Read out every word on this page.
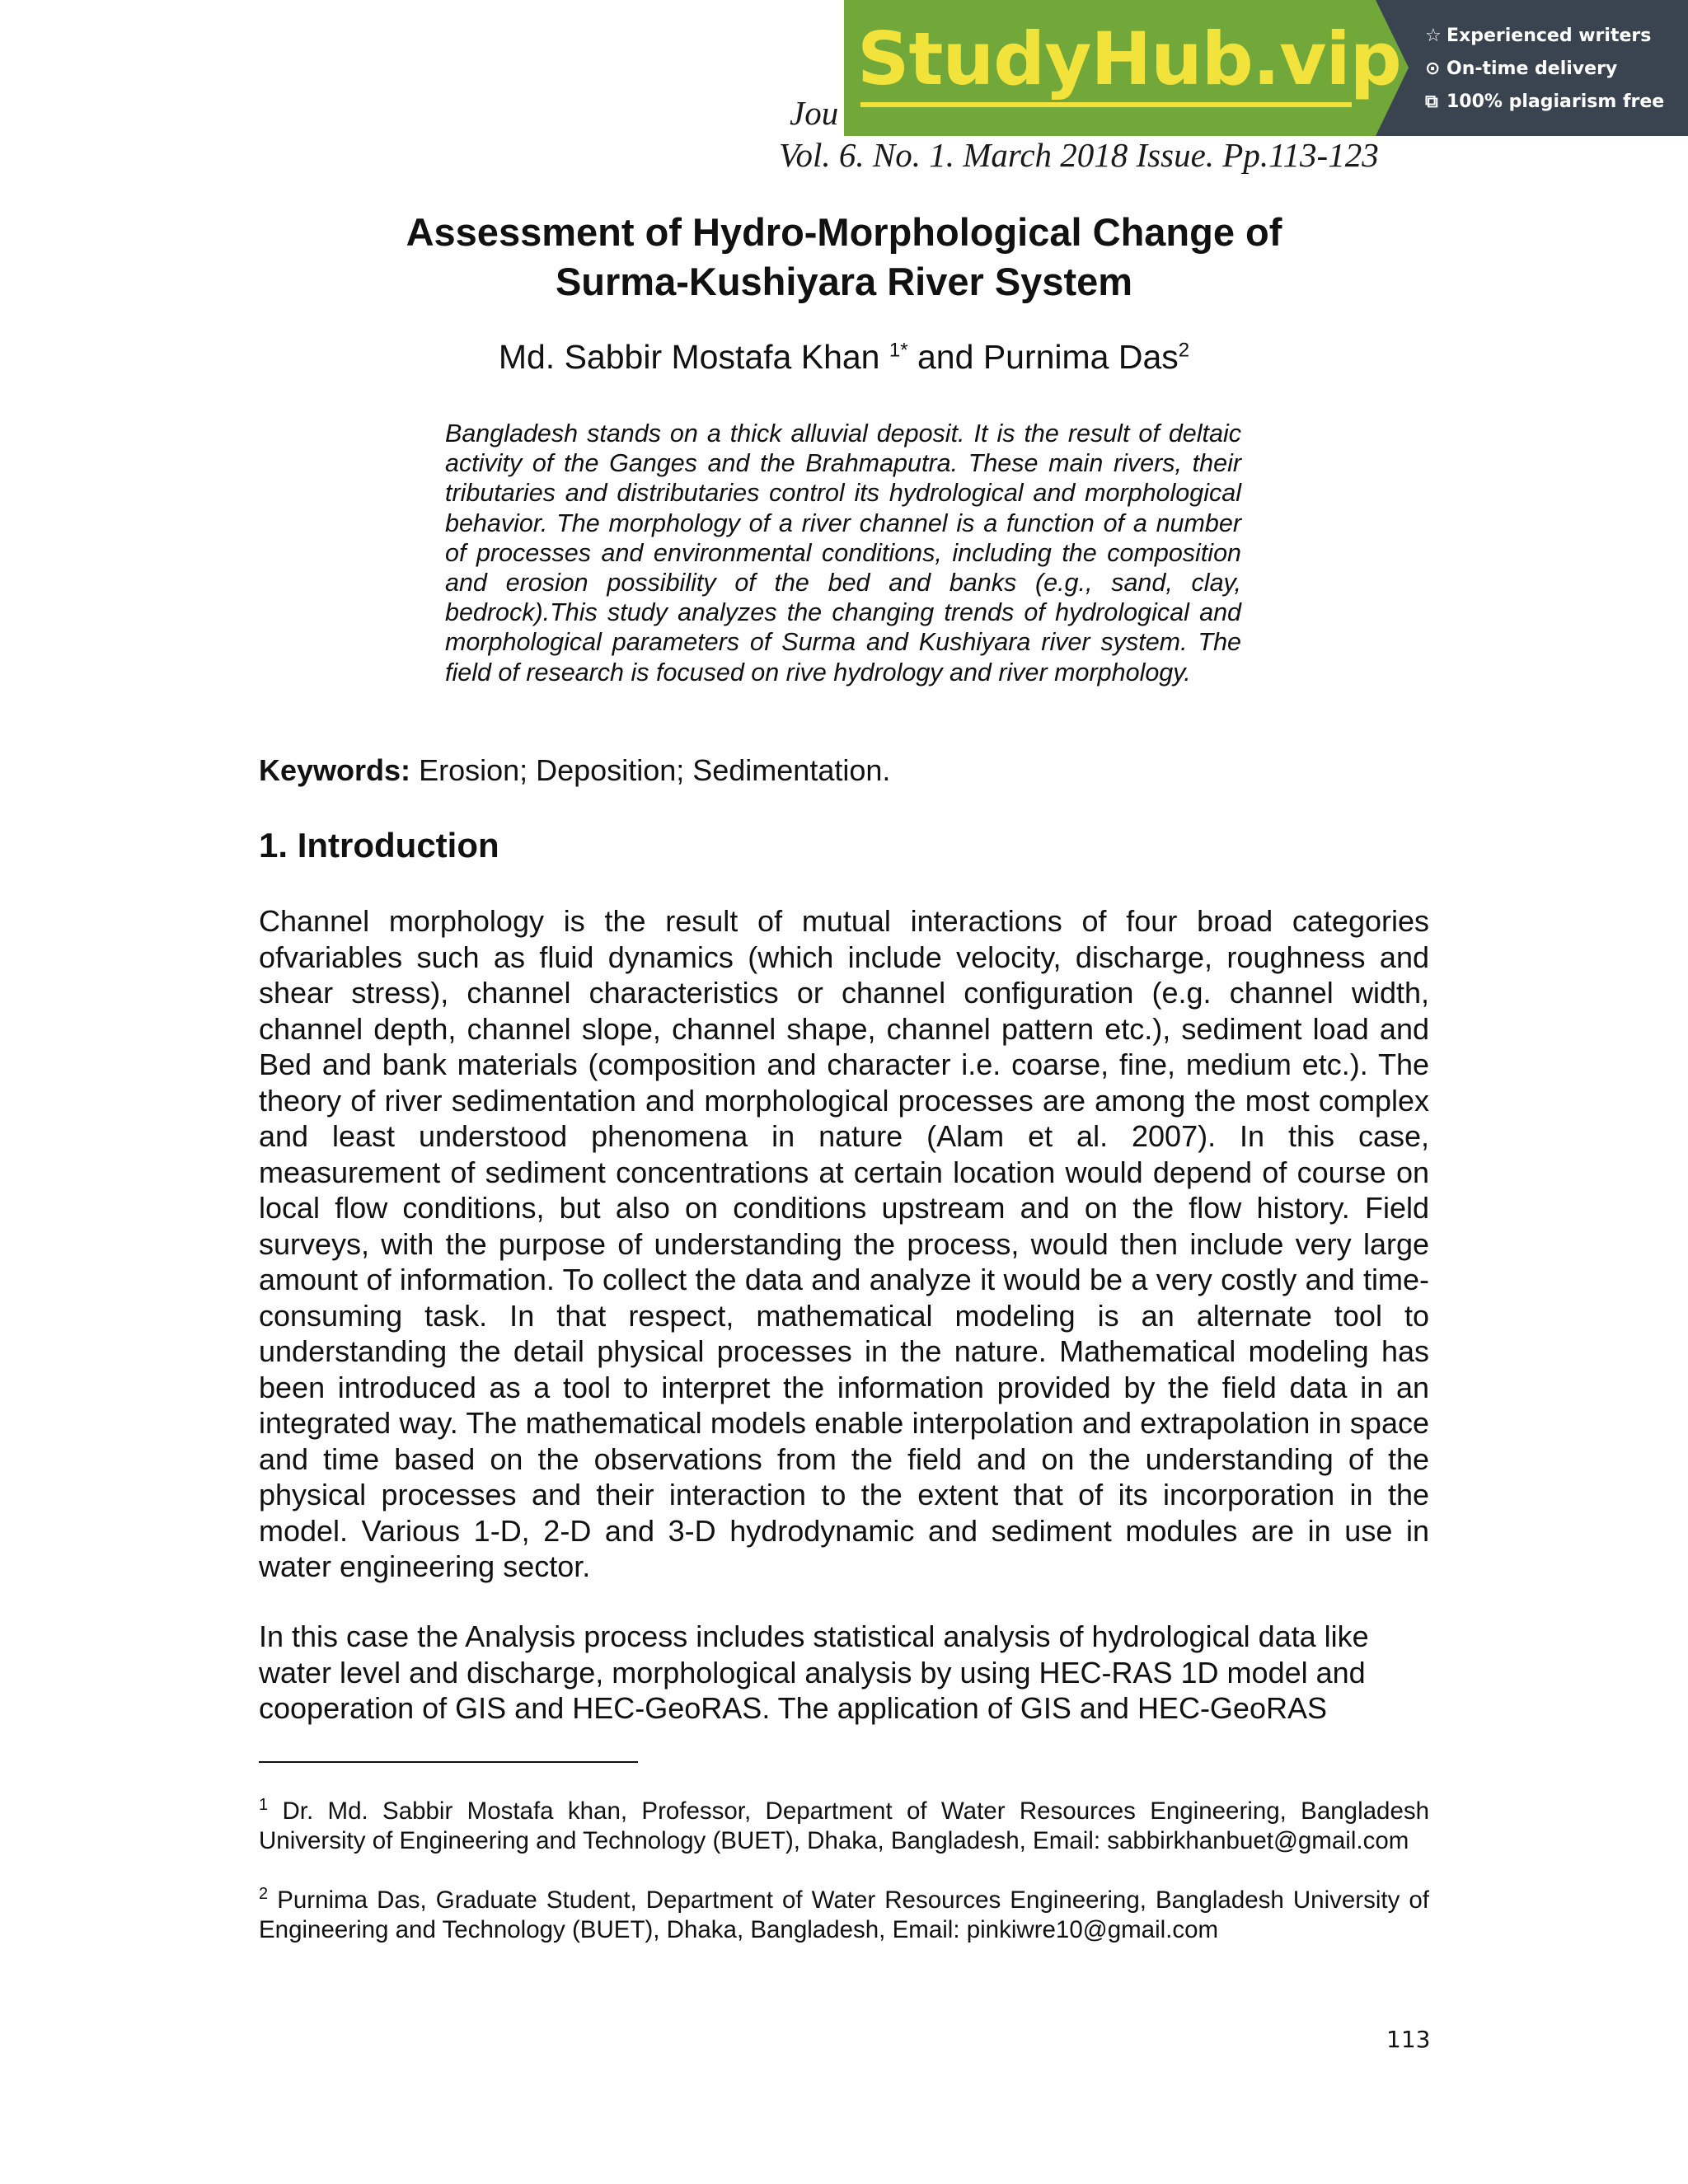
Jou

Vol. 6. No. 1. March 2018 Issue. Pp.113-123

StudyHub.vip ☆ Experienced writers
⊙ On-time delivery
⧉ 100% plagiarism free
Assessment of Hydro-Morphological Change of
Surma-Kushiyara River System

Md. Sabbir Mostafa Khan $^{1*}$ and Purnima Das$^2$

Bangladesh stands on a thick alluvial deposit. It is the result of deltaic activity of the Ganges and the Brahmaputra. These main rivers, their tributaries and distributaries control its hydrological and morphological behavior. The morphology of a river channel is a function of a number of processes and environmental conditions, including the composition and erosion possibility of the bed and banks (e.g., sand, clay, bedrock).This study analyzes the changing trends of hydrological and morphological parameters of Surma and Kushiyara river system. The field of research is focused on rive hydrology and river morphology.

Keywords: Erosion; Deposition; Sedimentation.

1. Introduction

Channel morphology is the result of mutual interactions of four broad categories ofvariables such as fluid dynamics (which include velocity, discharge, roughness and shear stress), channel characteristics or channel configuration (e.g. channel width, channel depth, channel slope, channel shape, channel pattern etc.), sediment load and Bed and bank materials (composition and character i.e. coarse, fine, medium etc.). The theory of river sedimentation and morphological processes are among the most complex and least understood phenomena in nature (Alam et al. 2007). In this case, measurement of sediment concentrations at certain location would depend of course on local flow conditions, but also on conditions upstream and on the flow history. Field surveys, with the purpose of understanding the process, would then include very large amount of information. To collect the data and analyze it would be a very costly and time-consuming task. In that respect, mathematical modeling is an alternate tool to understanding the detail physical processes in the nature. Mathematical modeling has been introduced as a tool to interpret the information provided by the field data in an integrated way. The mathematical models enable interpolation and extrapolation in space and time based on the observations from the field and on the understanding of the physical processes and their interaction to the extent that of its incorporation in the model. Various 1-D, 2-D and 3-D hydrodynamic and sediment modules are in use in water engineering sector.

In this case the Analysis process includes statistical analysis of hydrological data like water level and discharge, morphological analysis by using HEC-RAS 1D model and cooperation of GIS and HEC-GeoRAS. The application of GIS and HEC-GeoRAS

$^1$ Dr. Md. Sabbir Mostafa khan, Professor, Department of Water Resources Engineering, Bangladesh University of Engineering and Technology (BUET), Dhaka, Bangladesh, Email: sabbirkhanbuet@gmail.com

$^2$ Purnima Das, Graduate Student, Department of Water Resources Engineering, Bangladesh University of Engineering and Technology (BUET), Dhaka, Bangladesh, Email: pinkiwre10@gmail.com

113
